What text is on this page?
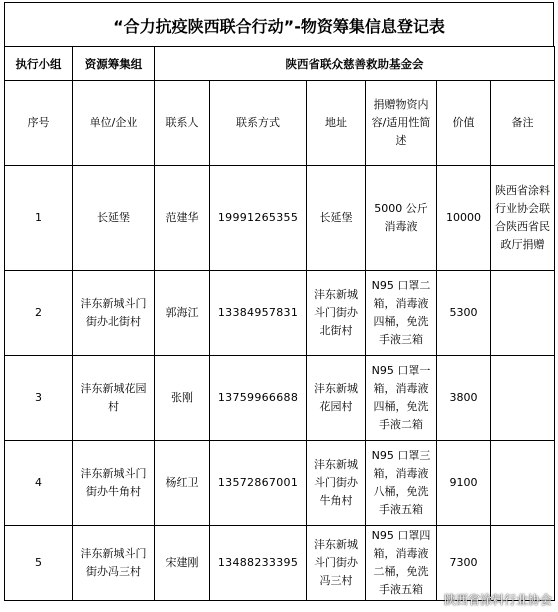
“合力抗疫陕西联合行动”-物资筹集信息登记表
执行小组	资源筹集组	陕西省联众慈善救助基金会					
序号	单位/企业	联系人	联系方式	地址	捐赠物资内容/适用性简述	价值	备注
1	长延堡	范建华	19991265355	长延堡	5000 公斤消毒液	10000	陕西省涂料行业协会联合陕西省民政厅捐赠
2	沣东新城斗门街办北街村	郭海江	13384957831	沣东新城斗门街办北街村	N95 口罩二箱，消毒液四桶，免洗手液三箱	5300	
3	沣东新城花园村	张刚	13759966688	沣东新城花园村	N95 口罩一箱，消毒液四桶，免洗手液二箱	3800	
4	沣东新城斗门街办牛角村	杨红卫	13572867001	沣东新城斗门街办牛角村	N95 口罩三箱，消毒液八桶，免洗手液五箱	9100	
5	沣东新城斗门街办冯三村	宋建刚	13488233395	沣东新城斗门街办冯三村	N95 口罩四箱，消毒液二桶，免洗手液五箱	7300	
陕西省涂料行业协会
